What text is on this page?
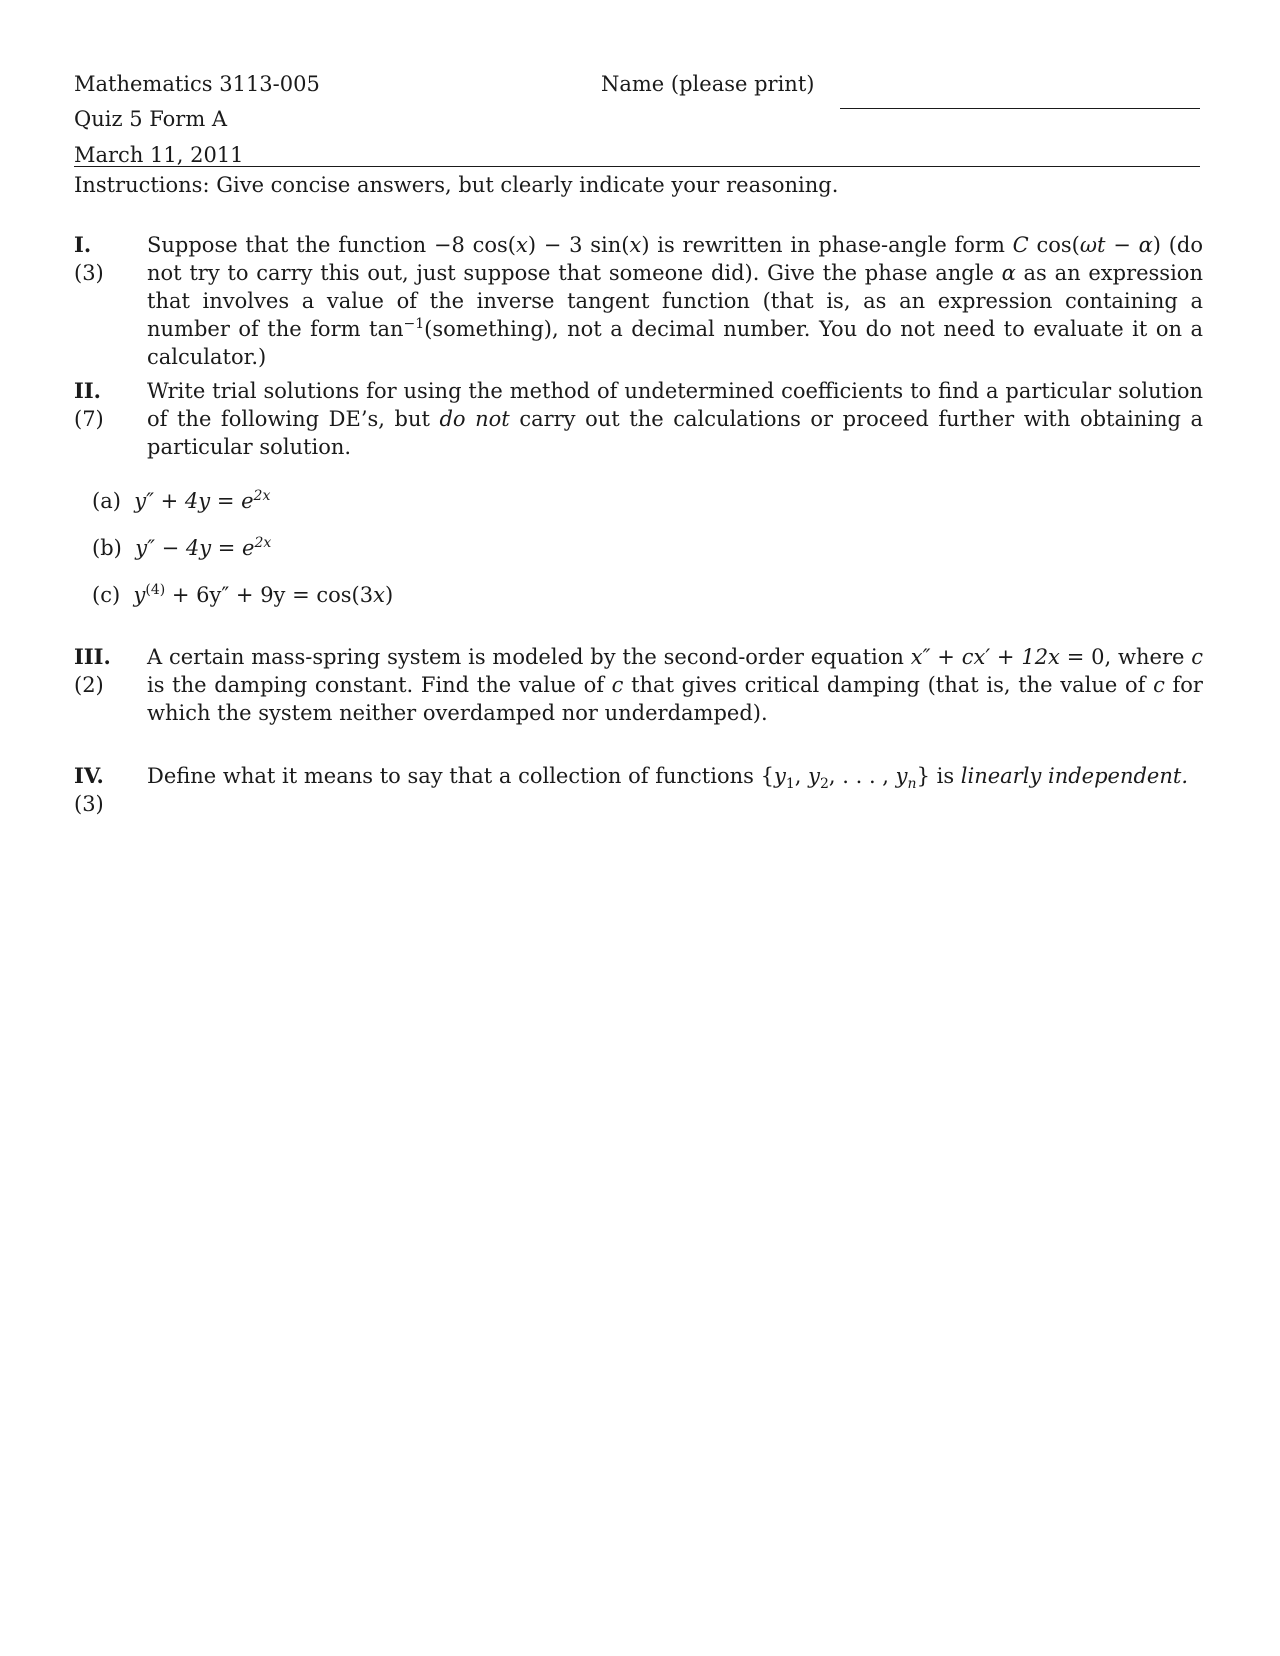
Mathematics 3113-005	Name (please print)
Quiz 5 Form A
March 11, 2011
Instructions: Give concise answers, but clearly indicate your reasoning.
I.
(3)
Suppose that the function −8 cos(x) − 3 sin(x) is rewritten in phase-angle form C cos(ωt − α) (do not try to carry this out, just suppose that someone did). Give the phase angle α as an expression that involves a value of the inverse tangent function (that is, as an expression containing a number of the form $\tan^{-1}(something)$, not a decimal number. You do not need to evaluate it on a calculator.)
II.
(7)
Write trial solutions for using the method of undetermined coefficients to find a particular solution of the following DE’s, but do not carry out the calculations or proceed further with obtaining a particular solution.
(a) $y'' + 4y = e^{2x}$
(b) $y'' - 4y = e^{2x}$
(c) $y^{(4)} + 6y'' + 9y = \cos(3x)$
III.
(2)
A certain mass-spring system is modeled by the second-order equation x″ + cx′ + 12x = 0, where c is the damping constant. Find the value of c that gives critical damping (that is, the value of c for which the system neither overdamped nor underdamped).
IV.
(3)
Define what it means to say that a collection of functions {$y_1$, $y_2$, . . . , $y_n$} is linearly independent.
